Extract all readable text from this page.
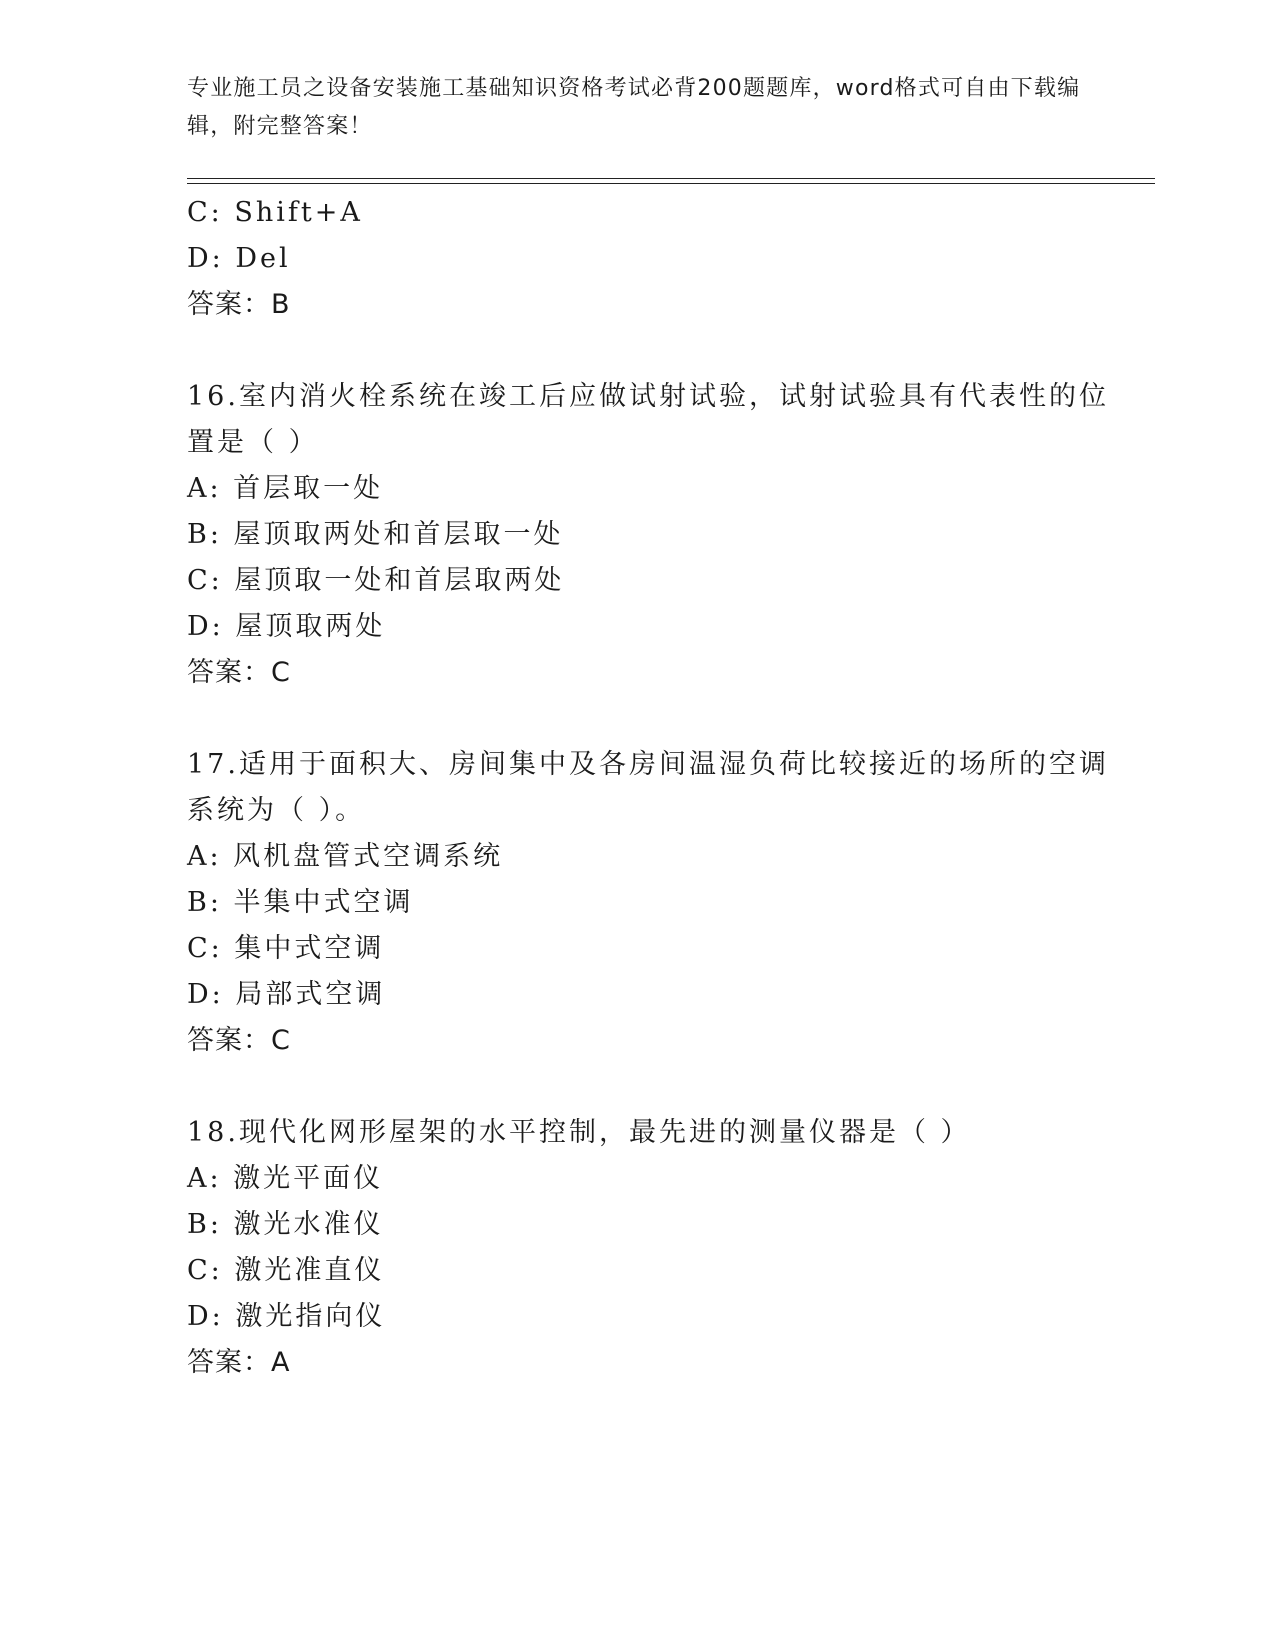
专业施工员之设备安装施工基础知识资格考试必背200题题库，word格式可自由下载编辑，附完整答案！
C: Shift+A
D: Del
答案：B
16.室内消火栓系统在竣工后应做试射试验，试射试验具有代表性的位
置是（ ）
A: 首层取一处
B: 屋顶取两处和首层取一处
C: 屋顶取一处和首层取两处
D: 屋顶取两处
答案：C
17.适用于面积大、房间集中及各房间温湿负荷比较接近的场所的空调
系统为（ ）。
A: 风机盘管式空调系统
B: 半集中式空调
C: 集中式空调
D: 局部式空调
答案：C
18.现代化网形屋架的水平控制，最先进的测量仪器是（ ）
A: 激光平面仪
B: 激光水准仪
C: 激光准直仪
D: 激光指向仪
答案：A
